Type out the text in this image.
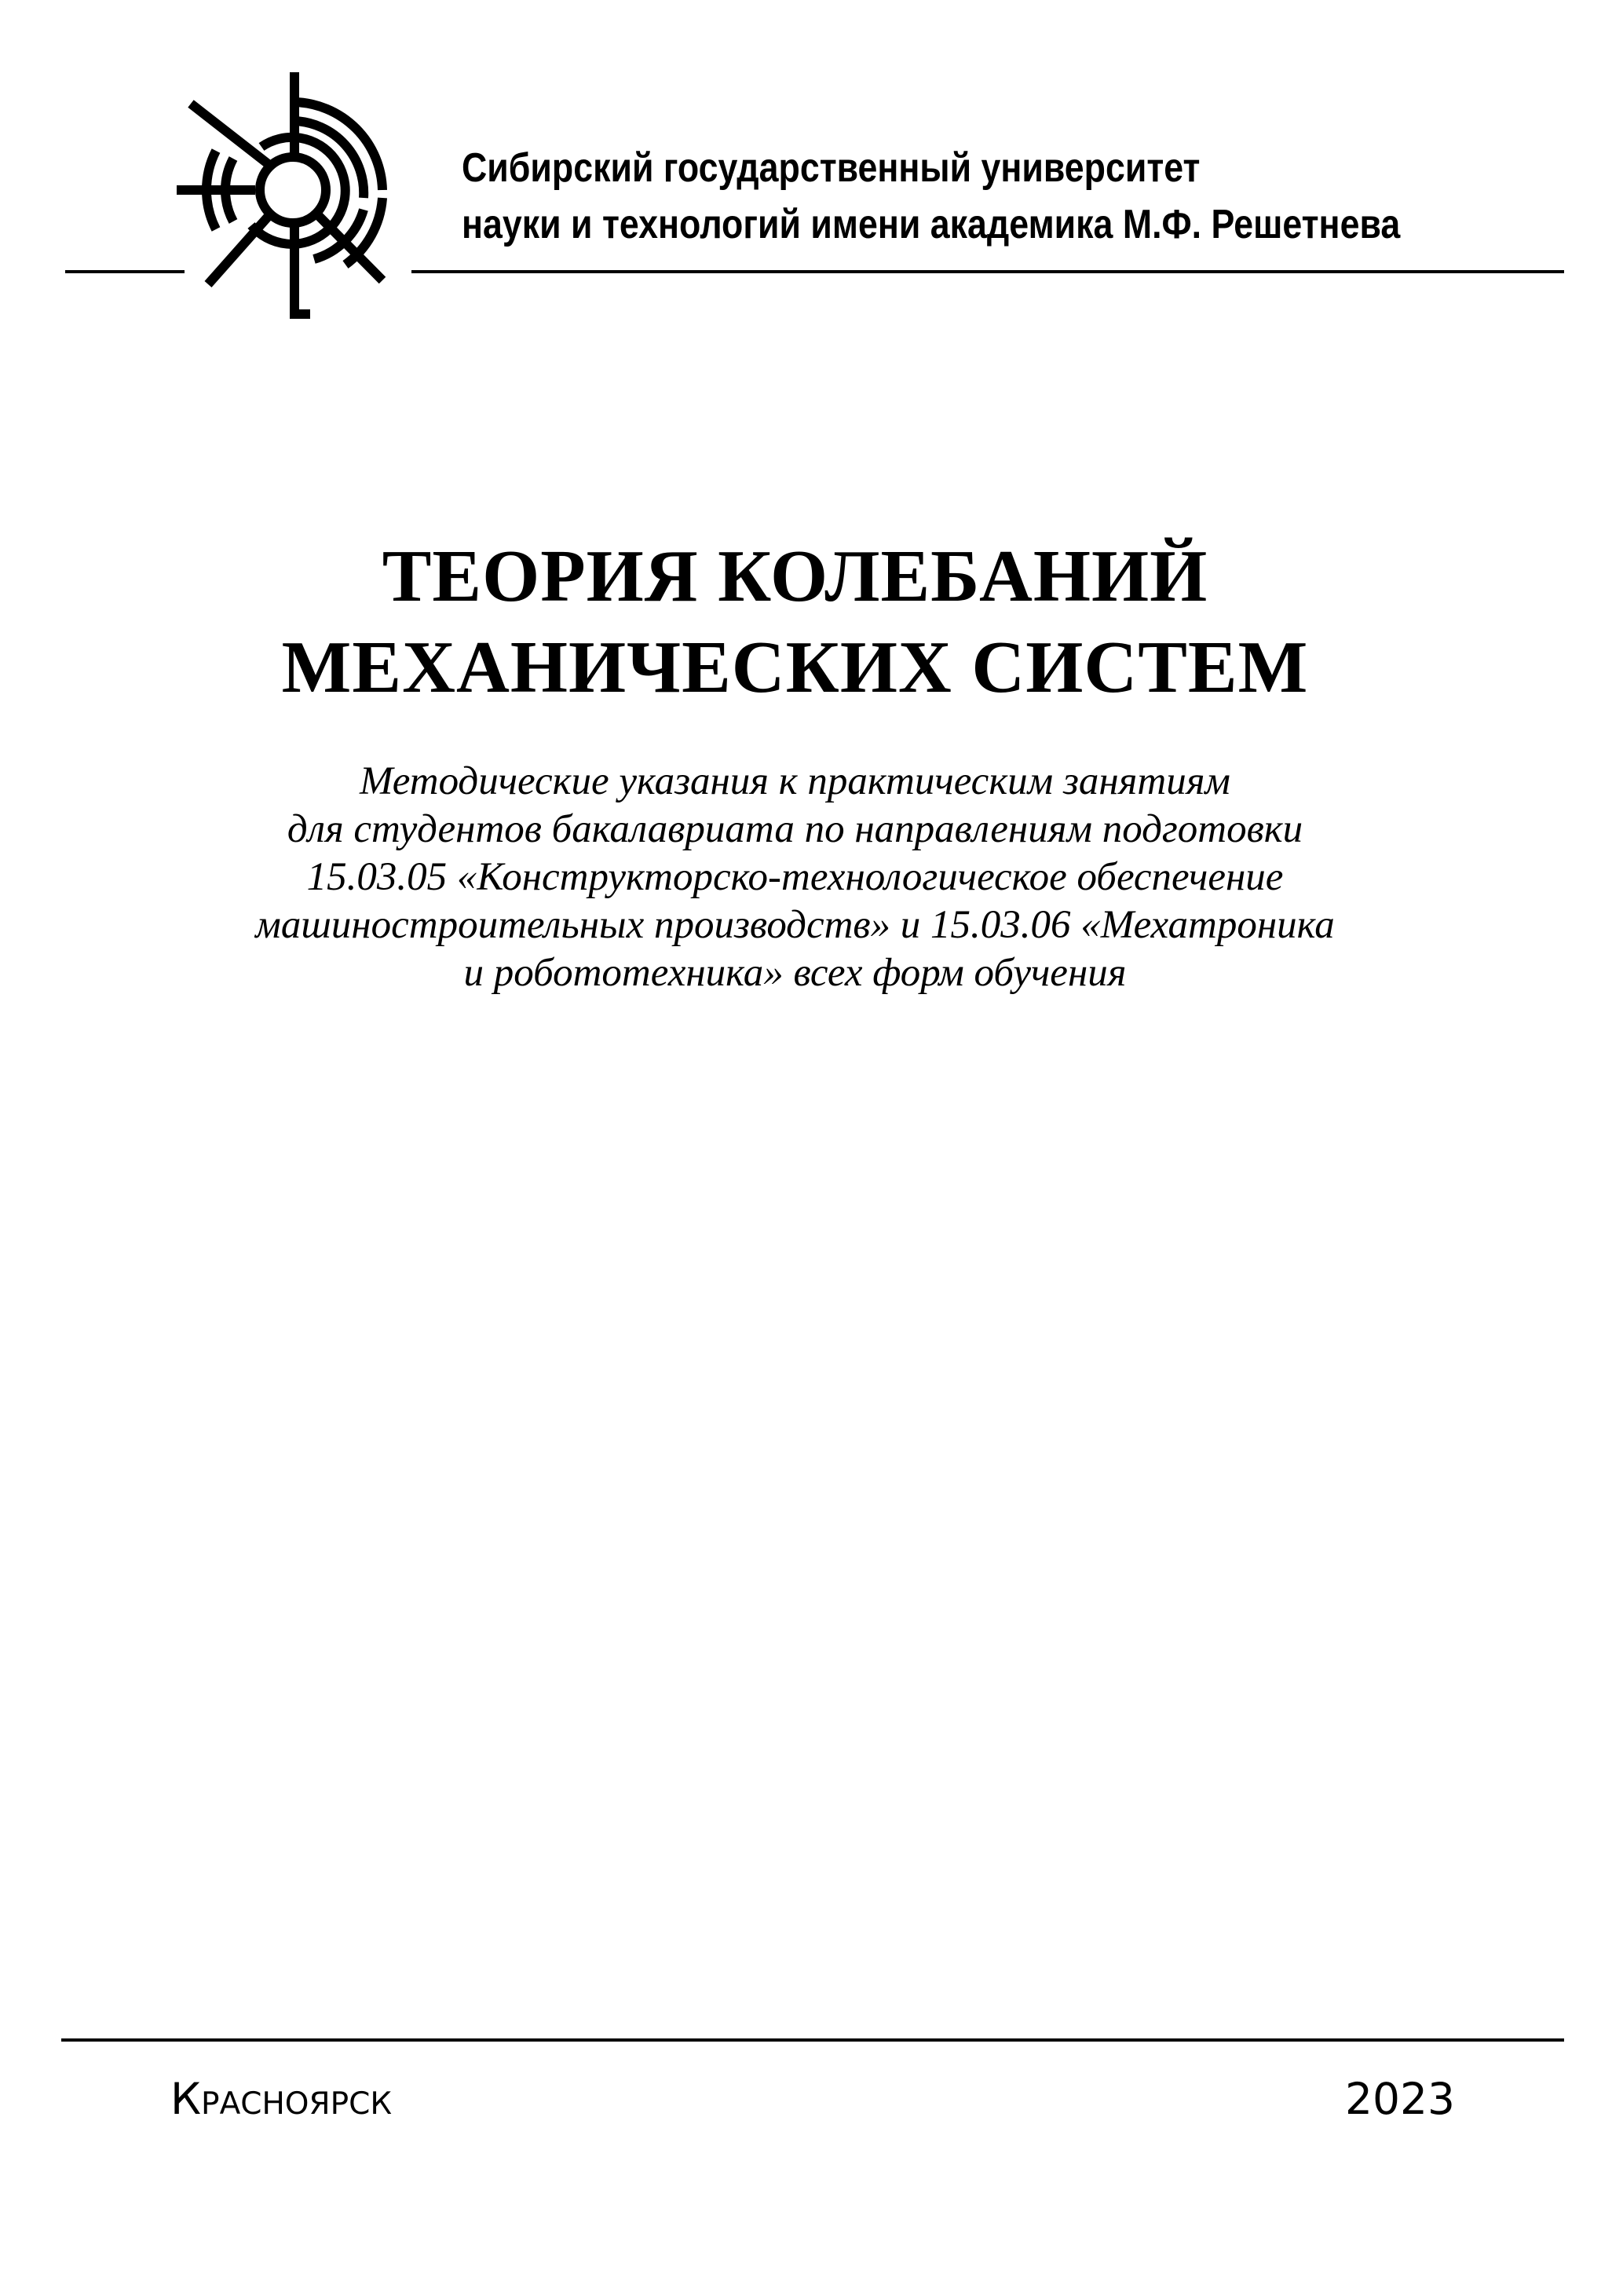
Сибирский государственный университет
науки и технологий имени академика М.Ф. Решетнева
ТЕОРИЯ КОЛЕБАНИЙ
МЕХАНИЧЕСКИХ СИСТЕМ
Методические указания к практическим занятиям
для студентов бакалавриата по направлениям подготовки
15.03.05 «Конструкторско-технологическое обеспечение
машиностроительных производств» и 15.03.06 «Мехатроника
и робототехника» всех форм обучения
Красноярск	2023
